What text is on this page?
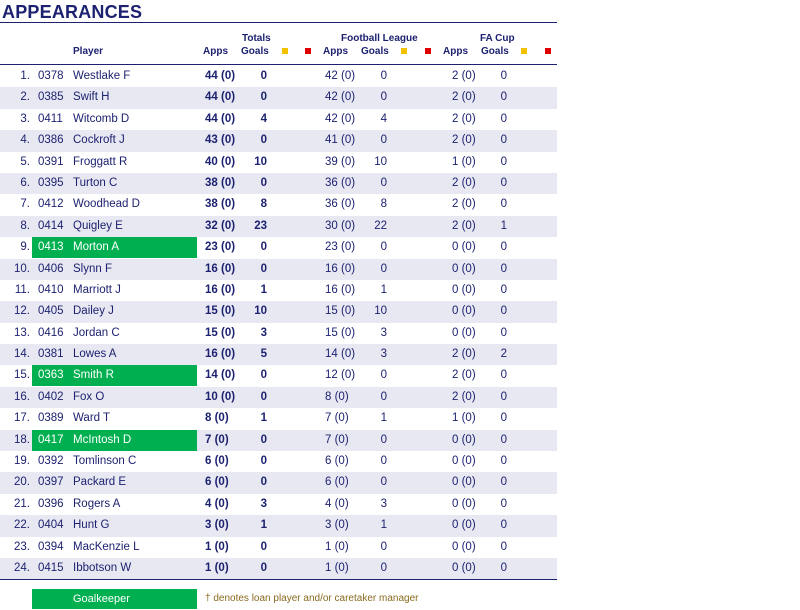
APPEARANCES
Totals	Football League	FA Cup
Player	Apps Goals	Apps Goals	Apps Goals
1. 0378 Westlake F	44 (0)	0	42 (0)	0	2 (0)	0
2. 0385 Swift H	44 (0)	0	42 (0)	0	2 (0)	0
3. 0411 Witcomb D	44 (0)	4	42 (0)	4	2 (0)	0
4. 0386 Cockroft J	43 (0)	0	41 (0)	0	2 (0)	0
5. 0391 Froggatt R	40 (0)	10	39 (0)	10	1 (0)	0
6. 0395 Turton C	38 (0)	0	36 (0)	0	2 (0)	0
7. 0412 Woodhead D	38 (0)	8	36 (0)	8	2 (0)	0
8. 0414 Quigley E	32 (0)	23	30 (0)	22	2 (0)	1
9. 0413 Morton A	23 (0)	0	23 (0)	0	0 (0)	0
10. 0406 Slynn F	16 (0)	0	16 (0)	0	0 (0)	0
11. 0410 Marriott J	16 (0)	1	16 (0)	1	0 (0)	0
12. 0405 Dailey J	15 (0)	10	15 (0)	10	0 (0)	0
13. 0416 Jordan C	15 (0)	3	15 (0)	3	0 (0)	0
14. 0381 Lowes A	16 (0)	5	14 (0)	3	2 (0)	2
15. 0363 Smith R	14 (0)	0	12 (0)	0	2 (0)	0
16. 0402 Fox O	10 (0)	0	8 (0)	0	2 (0)	0
17. 0389 Ward T	8 (0)	1	7 (0)	1	1 (0)	0
18. 0417 McIntosh D	7 (0)	0	7 (0)	0	0 (0)	0
19. 0392 Tomlinson C	6 (0)	0	6 (0)	0	0 (0)	0
20. 0397 Packard E	6 (0)	0	6 (0)	0	0 (0)	0
21. 0396 Rogers A	4 (0)	3	4 (0)	3	0 (0)	0
22. 0404 Hunt G	3 (0)	1	3 (0)	1	0 (0)	0
23. 0394 MacKenzie L	1 (0)	0	1 (0)	0	0 (0)	0
24. 0415 Ibbotson W	1 (0)	0	1 (0)	0	0 (0)	0
Goalkeeper	† denotes loan player and/or caretaker manager
